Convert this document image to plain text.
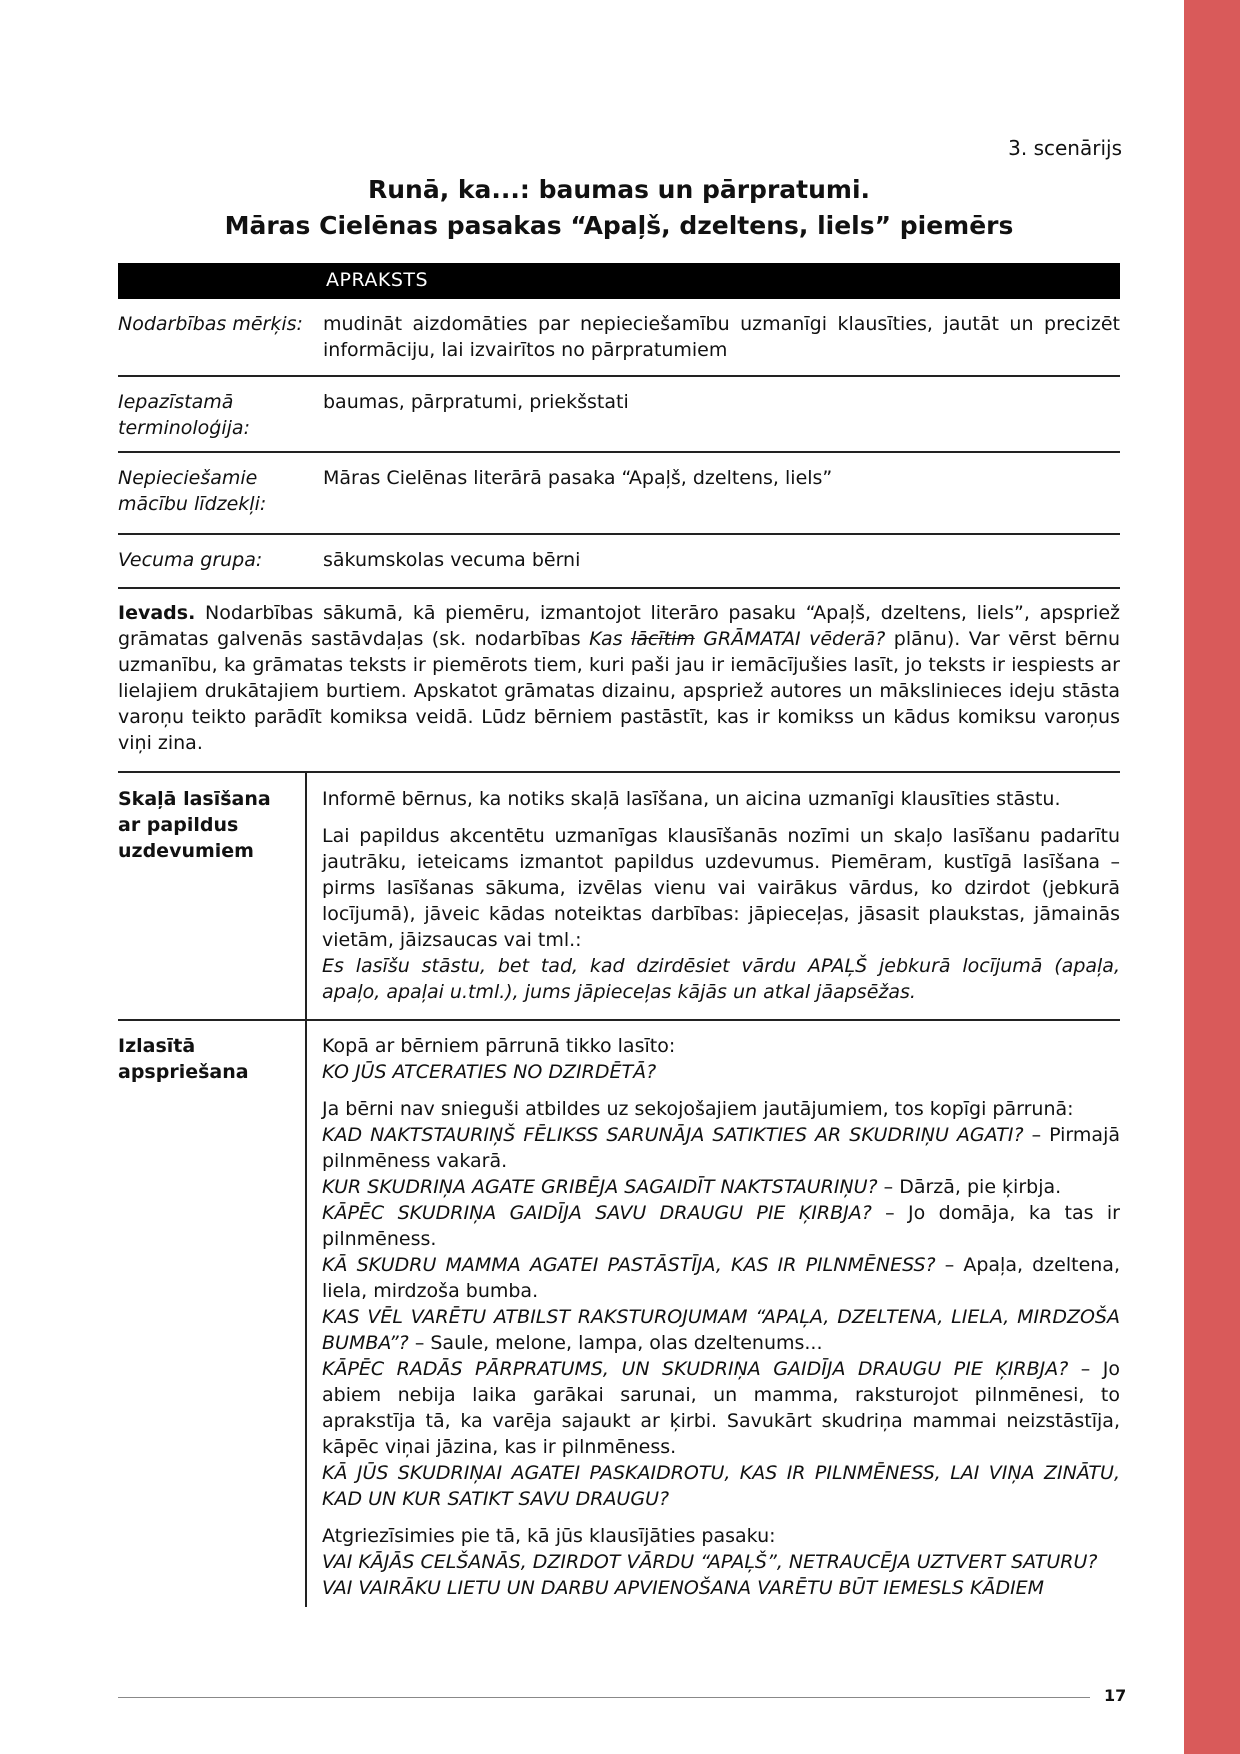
3. scenārijs
Runā, ka...: baumas un pārpratumi.
Māras Cielēnas pasakas “Apaļš, dzeltens, liels” piemērs
APRAKSTS
Nodarbības mērķis: mudināt aizdomāties par nepieciešamību uzmanīgi klausīties, jautāt un precizēt informāciju, lai izvairītos no pārpratumiem
Iepazīstamā terminoloģija:
baumas, pārpratumi, priekšstati
Nepieciešamie mācību līdzekļi:
Māras Cielēnas literārā pasaka “Apaļš, dzeltens, liels”
Vecuma grupa:	sākumskolas vecuma bērni
Ievads. Nodarbības sākumā, kā piemēru, izmantojot literāro pasaku “Apaļš, dzeltens, liels”, apspriež grāmatas galvenās sastāvdaļas (sk. nodarbības Kas lācītim GRĀMATAI vēderā? plānu). Var vērst bērnu uzmanību, ka grāmatas teksts ir piemērots tiem, kuri paši jau ir iemācījušies lasīt, jo teksts ir iespiests ar lielajiem drukātajiem burtiem. Apskatot grāmatas dizainu, apspriež autores un mākslinieces ideju stāsta varoņu teikto parādīt komiksa veidā. Lūdz bērniem pastāstīt, kas ir komikss un kādus komiksu varoņus viņi zina.
Skaļā lasīšana ar papildus uzdevumiem

Informē bērnus, ka notiks skaļā lasīšana, un aicina uzmanīgi klausīties stāstu.

Lai papildus akcentētu uzmanīgas klausīšanās nozīmi un skaļo lasīšanu padarītu jautrāku, ieteicams izmantot papildus uzdevumus. Piemēram, kustīgā lasīšana – pirms lasīšanas sākuma, izvēlas vienu vai vairākus vārdus, ko dzirdot (jebkurā locījumā), jāveic kādas noteiktas darbības: jāpieceļas, jāsasit plaukstas, jāmainās vietām, jāizsaucas vai tml.:
Es lasīšu stāstu, bet tad, kad dzirdēsiet vārdu APAĻŠ jebkurā locījumā (apaļa, apaļo, apaļai u.tml.), jums jāpieceļas kājās un atkal jāapsēžas.

Izlasītā apspriešana

Kopā ar bērniem pārrunā tikko lasīto:
KO JŪS ATCERATIES NO DZIRDĒTĀ?

Ja bērni nav snieguši atbildes uz sekojošajiem jautājumiem, tos kopīgi pārrunā:
KAD NAKTSTAURIŅŠ FĒLIKSS SARUNĀJA SATIKTIES AR SKUDRIŅU AGATI? – Pirmajā pilnmēness vakarā.
KUR SKUDRIŅA AGATE GRIBĒJA SAGAIDĪT NAKTSTAURIŅU? – Dārzā, pie ķirbja.
KĀPĒC SKUDRIŅA GAIDĪJA SAVU DRAUGU PIE ĶIRBJA? – Jo domāja, ka tas ir pilnmēness.
KĀ SKUDRU MAMMA AGATEI PASTĀSTĪJA, KAS IR PILNMĒNESS? – Apaļa, dzeltena, liela, mirdzoša bumba.
KAS VĒL VARĒTU ATBILST RAKSTUROJUMAM “APAĻA, DZELTENA, LIELA, MIRDZOŠA BUMBA”? – Saule, melone, lampa, olas dzeltenums...
KĀPĒC RADĀS PĀRPRATUMS, UN SKUDRIŅA GAIDĪJA DRAUGU PIE ĶIRBJA? – Jo abiem nebija laika garākai sarunai, un mamma, raksturojot pilnmēnesi, to aprakstīja tā, ka varēja sajaukt ar ķirbi. Savukārt skudriņa mammai neizstāstīja, kāpēc viņai jāzina, kas ir pilnmēness.
KĀ JŪS SKUDRIŅAI AGATEI PASKAIDROTU, KAS IR PILNMĒNESS, LAI VIŅA ZINĀTU, KAD UN KUR SATIKT SAVU DRAUGU?

Atgriezīsimies pie tā, kā jūs klausījāties pasaku:
VAI KĀJĀS CELŠANĀS, DZIRDOT VĀRDU “APAĻŠ”, NETRAUCĒJA UZTVERT SATURU?
VAI VAIRĀKU LIETU UN DARBU APVIENOŠANA VARĒTU BŪT IEMESLS KĀDIEM

17
